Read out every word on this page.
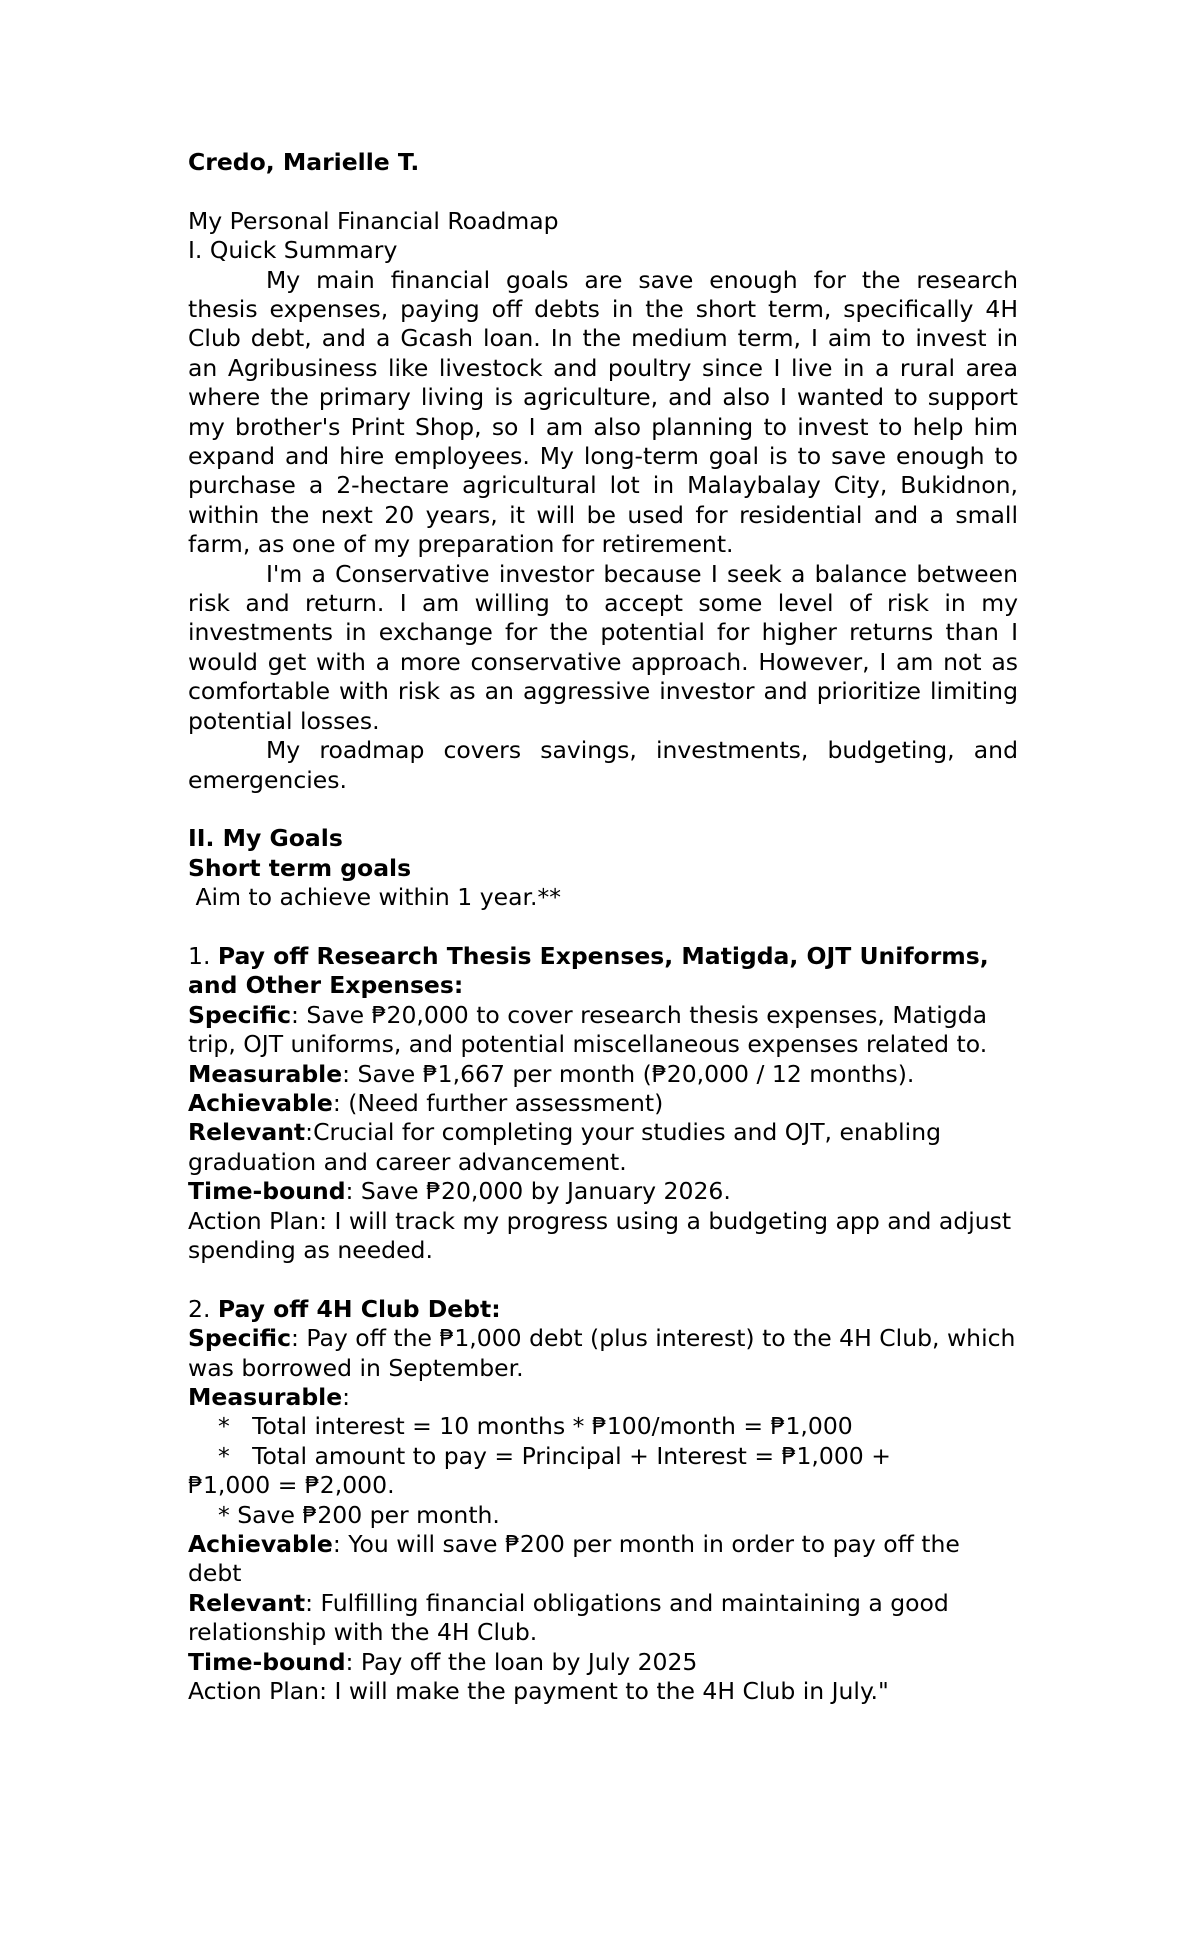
Credo, Marielle T.

My Personal Financial Roadmap

I. Quick Summary

My main financial goals are save enough for the research thesis expenses, paying off debts in the short term, specifically 4H Club debt, and a Gcash loan. In the medium term, I aim to invest in an Agribusiness like livestock and poultry since I live in a rural area where the primary living is agriculture, and also I wanted to support my brother's Print Shop, so I am also planning to invest to help him expand and hire employees. My long-term goal is to save enough to purchase a 2-hectare agricultural lot in Malaybalay City, Bukidnon, within the next 20 years, it will be used for residential and a small farm, as one of my preparation for retirement.

I'm a Conservative investor because I seek a balance between risk and return. I am willing to accept some level of risk in my investments in exchange for the potential for higher returns than I would get with a more conservative approach. However, I am not as comfortable with risk as an aggressive investor and prioritize limiting potential losses.

My roadmap covers savings, investments, budgeting, and emergencies.

II. My Goals

Short term goals

Aim to achieve within 1 year.**

1. Pay off Research Thesis Expenses, Matigda, OJT Uniforms, and Other Expenses:

Specific: Save ₱20,000 to cover research thesis expenses, Matigda trip, OJT uniforms, and potential miscellaneous expenses related to.

Measurable: Save ₱1,667 per month (₱20,000 / 12 months).

Achievable: (Need further assessment)

Relevant:Crucial for completing your studies and OJT, enabling graduation and career advancement.

Time-bound: Save ₱20,000 by January 2026.

Action Plan: I will track my progress using a budgeting app and adjust spending as needed.

2. Pay off 4H Club Debt:

Specific: Pay off the ₱1,000 debt (plus interest) to the 4H Club, which was borrowed in September.

Measurable:

*   Total interest = 10 months * ₱100/month = ₱1,000

*   Total amount to pay = Principal + Interest = ₱1,000 +

₱1,000 = ₱2,000.

* Save ₱200 per month.

Achievable: You will save ₱200 per month in order to pay off the debt

Relevant: Fulfilling financial obligations and maintaining a good relationship with the 4H Club.

Time-bound: Pay off the loan by July 2025

Action Plan: I will make the payment to the 4H Club in July."
